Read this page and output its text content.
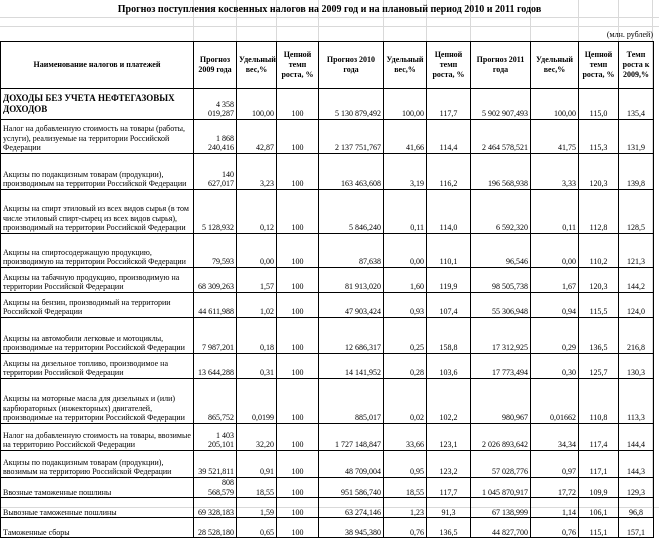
Прогноз поступления косвенных налогов на 2009 год и на плановый период 2010 и 2011 годов
(млн. рублей)
Наименование налогов и платежей	Прогноз 2009 года	Удельный вес,%	Цепной темп роста, %	Прогноз 2010 года	Удельный вес,%	Цепной темп роста, %	Прогноз 2011 года	Удельный вес,%	Цепной темп роста, %	Темп роста к 2009,%
ДОХОДЫ БЕЗ УЧЕТА НЕФТЕГАЗОВЫХ ДОХОДОВ	4 358 019,287	100,00	100	5 130 879,492	100,00	117,7	5 902 907,493	100,00	115,0	135,4
Налог на добавленную стоимость на товары (работы, услуги), реализуемые на территории Российской Федерации	1 868 240,416	42,87	100	2 137 751,767	41,66	114,4	2 464 578,521	41,75	115,3	131,9
Акцизы по подакцизным товарам (продукции), производимым на территории Российской Федерации	140 627,017	3,23	100	163 463,608	3,19	116,2	196 568,938	3,33	120,3	139,8
Акцизы на спирт этиловый из всех видов сырья (в том числе этиловый спирт-сырец из всех видов сырья), производимый на территории Российской Федерации	5 128,932	0,12	100	5 846,240	0,11	114,0	6 592,320	0,11	112,8	128,5
Акцизы на спиртосодержащую продукцию, производимую на территории Российской Федерации	79,593	0,00	100	87,638	0,00	110,1	96,546	0,00	110,2	121,3
Акцизы на табачную продукцию, производимую на территории Российской Федерации	68 309,263	1,57	100	81 913,020	1,60	119,9	98 505,738	1,67	120,3	144,2
Акцизы на бензин, производимый на территории Российской Федерации	44 611,988	1,02	100	47 903,424	0,93	107,4	55 306,948	0,94	115,5	124,0
Акцизы на автомобили легковые и мотоциклы, производимые на территории Российской Федерации	7 987,201	0,18	100	12 686,317	0,25	158,8	17 312,925	0,29	136,5	216,8
Акцизы на дизельное топливо, производимое на территории Российской Федерации	13 644,288	0,31	100	14 141,952	0,28	103,6	17 773,494	0,30	125,7	130,3
Акцизы на моторные масла для дизельных и (или) карбюраторных (инжекторных) двигателей, производимые на территории Российской Федерации	865,752	0,0199	100	885,017	0,02	102,2	980,967	0,01662	110,8	113,3
Налог на добавленную стоимость на товары, ввозимые на территорию Российской Федерации	1 403 205,101	32,20	100	1 727 148,847	33,66	123,1	2 026 893,642	34,34	117,4	144,4
Акцизы по подакцизным товарам (продукции), ввозимым на территорию Российской Федерации	39 521,811	0,91	100	48 709,004	0,95	123,2	57 028,776	0,97	117,1	144,3
Ввозные таможенные пошлины	808 568,579	18,55	100	951 586,740	18,55	117,7	1 045 870,917	17,72	109,9	129,3
Вывозные таможенные пошлины	69 328,183	1,59	100	63 274,146	1,23	91,3	67 138,999	1,14	106,1	96,8
Таможенные сборы	28 528,180	0,65	100	38 945,380	0,76	136,5	44 827,700	0,76	115,1	157,1
